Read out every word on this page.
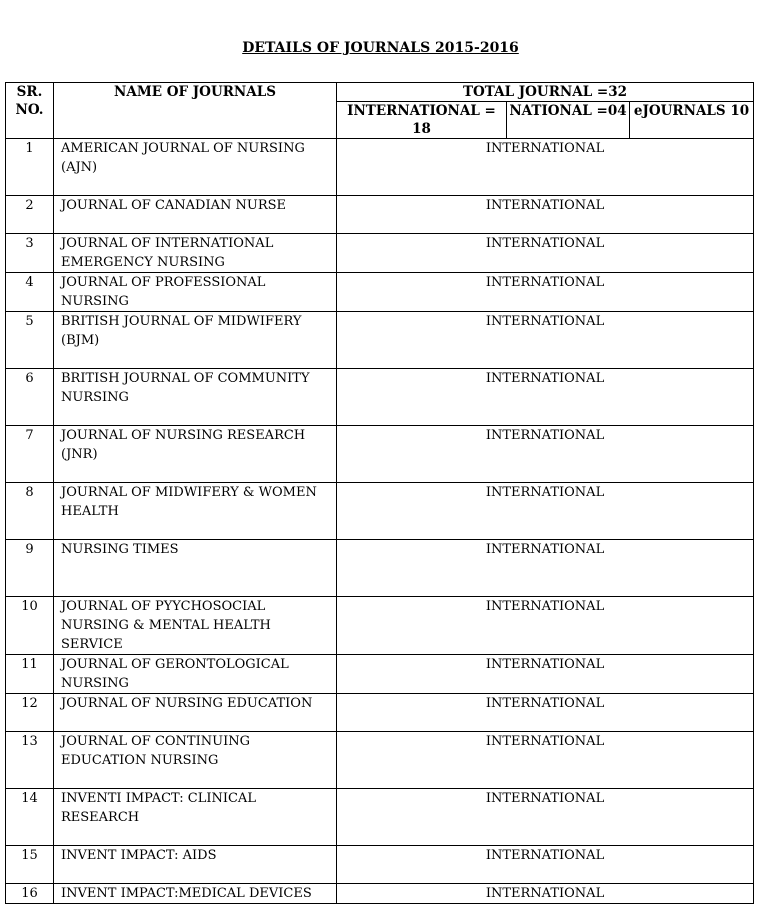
DETAILS OF JOURNALS 2015-2016
SR. NO.	NAME OF JOURNALS	TOTAL JOURNAL =32		
		INTERNATIONAL = 18	NATIONAL =04	eJOURNALS 10
1	AMERICAN JOURNAL OF NURSING (AJN)	INTERNATIONAL		
2	JOURNAL OF CANADIAN NURSE	INTERNATIONAL		
3	JOURNAL OF INTERNATIONAL EMERGENCY NURSING	INTERNATIONAL		
4	JOURNAL OF PROFESSIONAL NURSING	INTERNATIONAL		
5	BRITISH JOURNAL OF MIDWIFERY (BJM)	INTERNATIONAL		
6	BRITISH JOURNAL OF COMMUNITY NURSING	INTERNATIONAL		
7	JOURNAL OF NURSING RESEARCH (JNR)	INTERNATIONAL		
8	JOURNAL OF MIDWIFERY & WOMEN HEALTH	INTERNATIONAL		
9	NURSING TIMES	INTERNATIONAL		
10	JOURNAL OF PYYCHOSOCIAL NURSING & MENTAL HEALTH SERVICE	INTERNATIONAL		
11	JOURNAL OF GERONTOLOGICAL NURSING	INTERNATIONAL		
12	JOURNAL OF NURSING EDUCATION	INTERNATIONAL		
13	JOURNAL OF CONTINUING EDUCATION NURSING	INTERNATIONAL		
14	INVENTI IMPACT: CLINICAL RESEARCH	INTERNATIONAL		
15	INVENT IMPACT: AIDS	INTERNATIONAL		
16	INVENT IMPACT:MEDICAL DEVICES	INTERNATIONAL		
